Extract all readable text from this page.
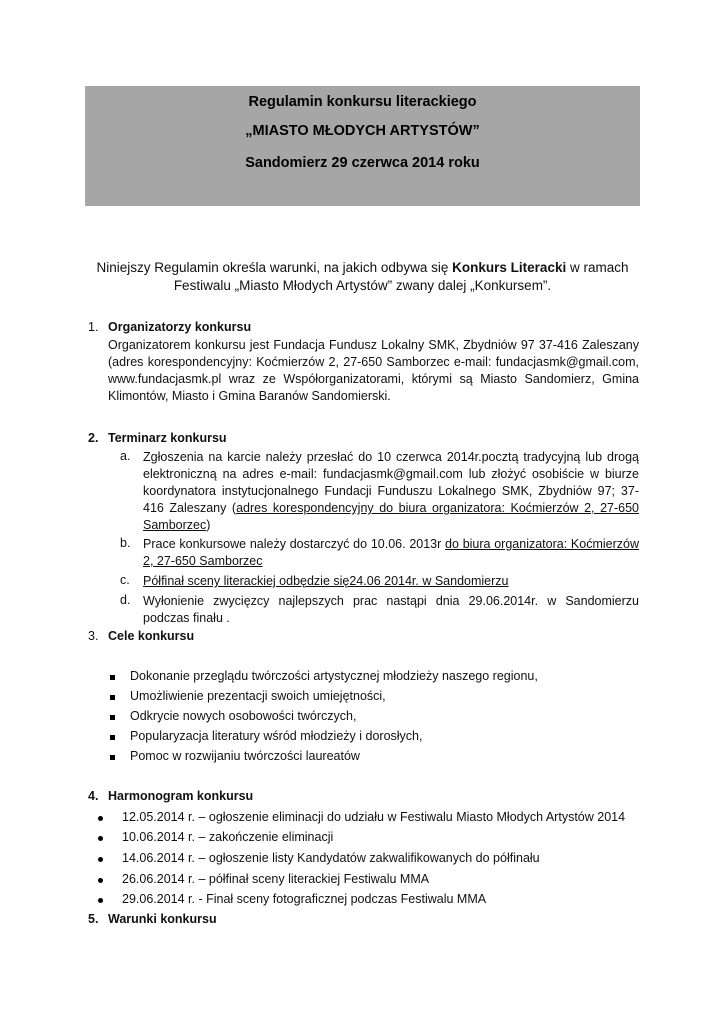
Regulamin konkursu literackiego
„MIASTO MŁODYCH ARTYSTÓW”
Sandomierz 29 czerwca 2014 roku
Niniejszy Regulamin określa warunki, na jakich odbywa się Konkurs Literacki w ramach
Festiwalu „Miasto Młodych Artystów” zwany dalej „Konkursem”.
1. Organizatorzy konkursu
Organizatorem konkursu jest Fundacja Fundusz Lokalny SMK, Zbydniów 97 37-416 Zaleszany (adres korespondencyjny: Koćmierzów 2, 27-650 Samborzec e-mail: fundacjasmk@gmail.com, www.fundacjasmk.pl wraz ze Współorganizatorami, którymi są Miasto Sandomierz, Gmina Klimontów, Miasto i Gmina Baranów Sandomierski.
2. Terminarz konkursu
a. Zgłoszenia na karcie należy przesłać do 10 czerwca 2014r.pocztą tradycyjną lub drogą elektroniczną na adres e-mail: fundacjasmk@gmail.com lub złożyć osobiście w biurze koordynatora instytucjonalnego Fundacji Funduszu Lokalnego SMK, Zbydniów 97; 37-416 Zaleszany (adres korespondencyjny do biura organizatora: Koćmierzów 2, 27-650 Samborzec)
b. Prace konkursowe należy dostarczyć do 10.06. 2013r do biura organizatora: Koćmierzów 2, 27-650 Samborzec
c. Półfinał sceny literackiej odbędzie się24.06 2014r. w Sandomierzu
d. Wyłonienie zwycięzcy najlepszych prac nastąpi dnia 29.06.2014r. w Sandomierzu podczas finału .
3. Cele konkursu
Dokonanie przeglądu twórczości artystycznej młodzieży naszego regionu,
Umożliwienie prezentacji swoich umiejętności,
Odkrycie nowych osobowości twórczych,
Popularyzacja literatury wśród młodzieży i dorosłych,
Pomoc w rozwijaniu twórczości laureatów
4. Harmonogram konkursu
12.05.2014 r. – ogłoszenie eliminacji do udziału w Festiwalu Miasto Młodych Artystów 2014
10.06.2014 r. – zakończenie eliminacji
14.06.2014 r. – ogłoszenie listy Kandydatów zakwalifikowanych do półfinału
26.06.2014 r. – półfinał sceny literackiej Festiwalu MMA
29.06.2014 r. - Finał sceny fotograficznej podczas Festiwalu MMA
5. Warunki konkursu
